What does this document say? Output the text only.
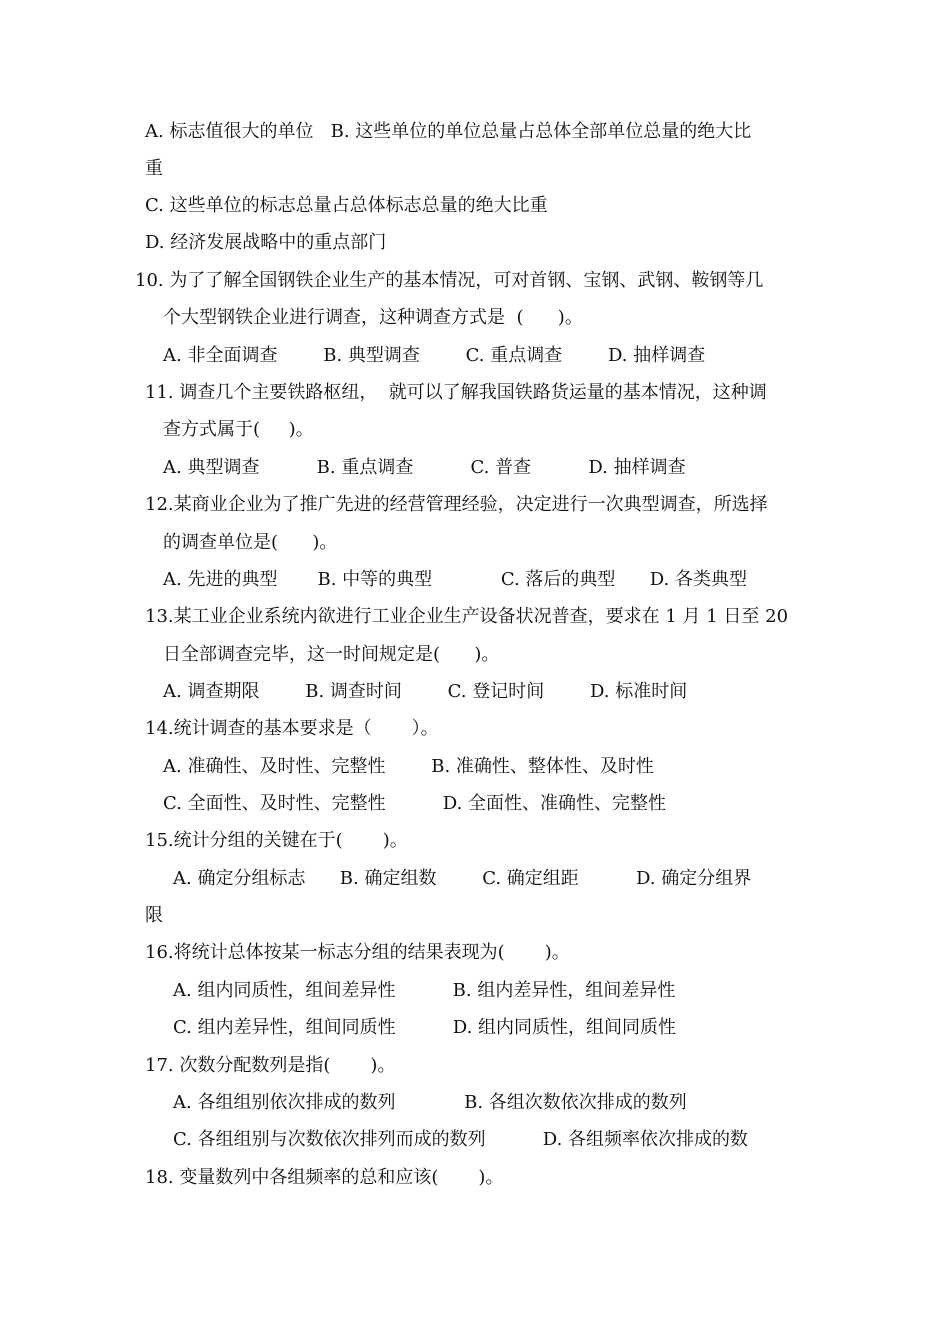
A. 标志值很大的单位   B. 这些单位的单位总量占总体全部单位总量的绝大比
重
C. 这些单位的标志总量占总体标志总量的绝大比重
D. 经济发展战略中的重点部门
10. 为了了解全国钢铁企业生产的基本情况，可对首钢、宝钢、武钢、鞍钢等几
个大型钢铁企业进行调查，这种调查方式是  (      )。
A. 非全面调查        B. 典型调查        C. 重点调查        D. 抽样调查
11. 调查几个主要铁路枢纽，  就可以了解我国铁路货运量的基本情况，这种调
查方式属于(     )。
A. 典型调查          B. 重点调查          C. 普查          D. 抽样调查
12.某商业企业为了推广先进的经营管理经验，决定进行一次典型调查，所选择
的调查单位是(      )。
A. 先进的典型       B. 中等的典型            C. 落后的典型      D. 各类典型
13.某工业企业系统内欲进行工业企业生产设备状况普查，要求在 1 月 1 日至 20
日全部调查完毕，这一时间规定是(      )。
A. 调查期限        B. 调查时间        C. 登记时间        D. 标准时间
14.统计调查的基本要求是（       ）。
A. 准确性、及时性、完整性        B. 准确性、整体性、及时性
C. 全面性、及时性、完整性          D. 全面性、准确性、完整性
15.统计分组的关键在于(       )。
A. 确定分组标志      B. 确定组数        C. 确定组距          D. 确定分组界
限
16.将统计总体按某一标志分组的结果表现为(       )。
A. 组内同质性，组间差异性          B. 组内差异性，组间差异性
C. 组内差异性，组间同质性          D. 组内同质性，组间同质性
17. 次数分配数列是指(       )。
A. 各组组别依次排成的数列            B. 各组次数依次排成的数列
C. 各组组别与次数依次排列而成的数列          D. 各组频率依次排成的数
18. 变量数列中各组频率的总和应该(       )。
